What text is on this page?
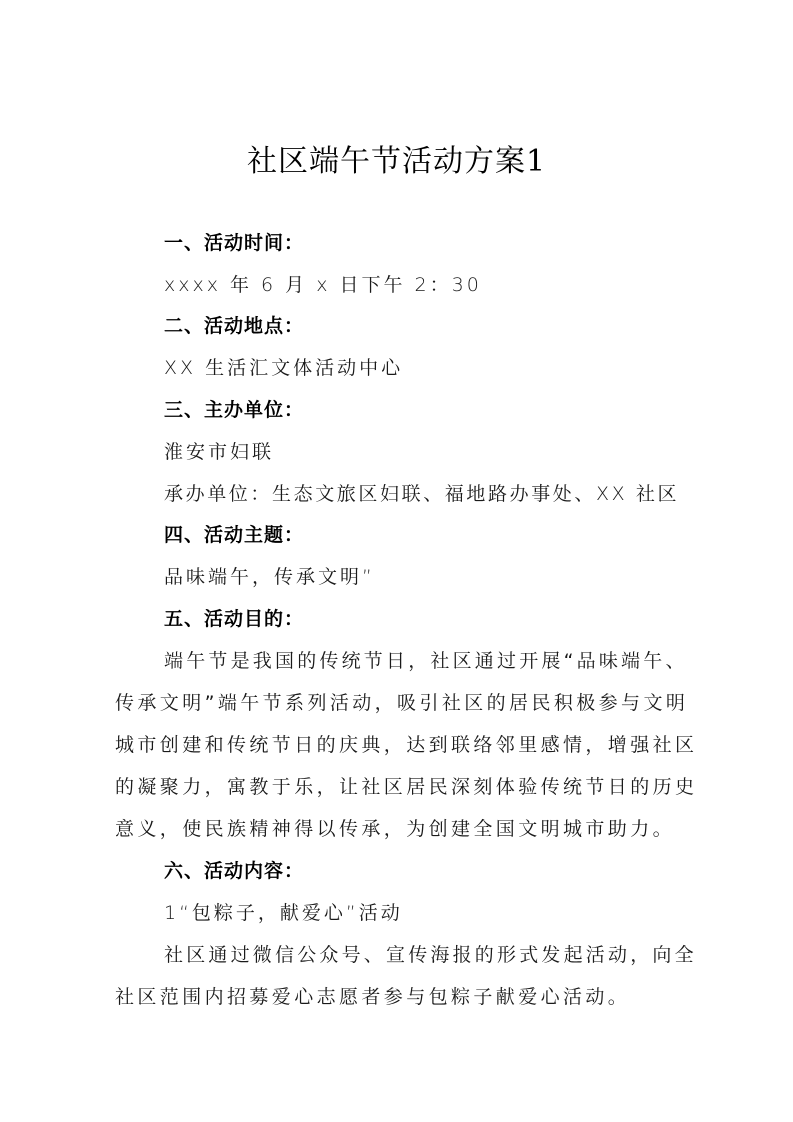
社区端午节活动方案1
一、活动时间：
xxxx 年 6 月 x 日下午 2：30
二、活动地点：
XX 生活汇文体活动中心
三、主办单位：
淮安市妇联
承办单位：生态文旅区妇联、福地路办事处、XX 社区
四、活动主题：
品味端午，传承文明”
五、活动目的：
端午节是我国的传统节日，社区通过开展“品味端午、
传承文明”端午节系列活动，吸引社区的居民积极参与文明
城市创建和传统节日的庆典，达到联络邻里感情，增强社区
的凝聚力，寓教于乐，让社区居民深刻体验传统节日的历史
意义，使民族精神得以传承，为创建全国文明城市助力。
六、活动内容：
1“包粽子，献爱心”活动
社区通过微信公众号、宣传海报的形式发起活动，向全
社区范围内招募爱心志愿者参与包粽子献爱心活动。
